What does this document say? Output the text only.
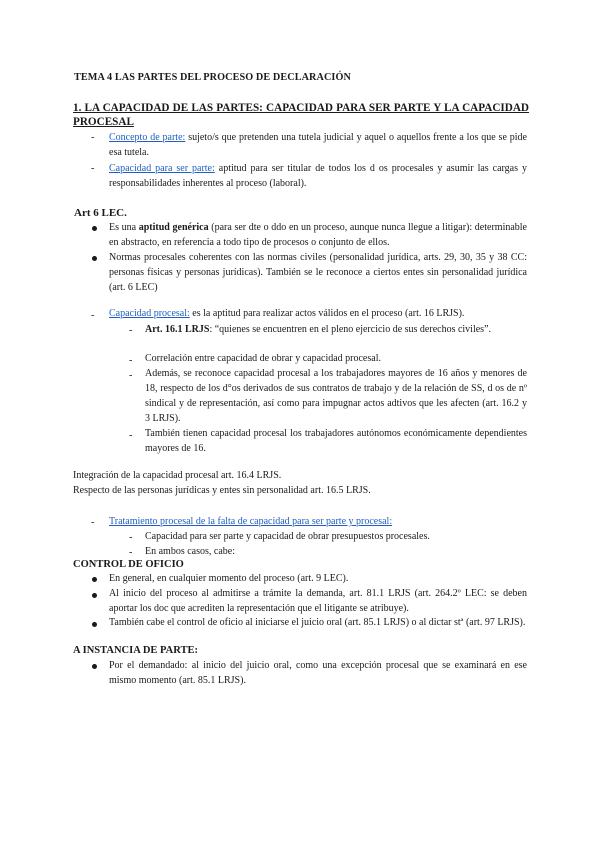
TEMA 4 LAS PARTES DEL PROCESO DE DECLARACIÓN
1. LA CAPACIDAD DE LAS PARTES: CAPACIDAD PARA SER PARTE Y LA CAPACIDAD PROCESAL
- Concepto de parte: sujeto/s que pretenden una tutela judicial y aquel o aquellos frente a los que se pide esa tutela.
- Capacidad para ser parte: aptitud para ser titular de todos los d os procesales y asumir las cargas y responsabilidades inherentes al proceso (laboral).
Art 6 LEC.
Es una aptitud genérica (para ser dte o ddo en un proceso, aunque nunca llegue a litigar): determinable en abstracto, en referencia a todo tipo de procesos o conjunto de ellos.
Normas procesales coherentes con las normas civiles (personalidad jurídica, arts. 29, 30, 35 y 38 CC: personas físicas y personas jurídicas). También se le reconoce a ciertos entes sin personalidad jurídica (art. 6 LEC)
- Capacidad procesal: es la aptitud para realizar actos válidos en el proceso (art. 16 LRJS).
- Art. 16.1 LRJS: “quienes se encuentren en el pleno ejercicio de sus derechos civiles”.
- Correlación entre capacidad de obrar y capacidad procesal.
- Además, se reconoce capacidad procesal a los trabajadores mayores de 16 años y menores de 18, respecto de los d°os derivados de sus contratos de trabajo y de la relación de SS, d os de nº sindical y de representación, así como para impugnar actos adtivos que les afecten (art. 16.2 y 3 LRJS).
- También tienen capacidad procesal los trabajadores autónomos económicamente dependientes mayores de 16.
Integración de la capacidad procesal art. 16.4 LRJS.
Respecto de las personas jurídicas y entes sin personalidad art. 16.5 LRJS.
- Tratamiento procesal de la falta de capacidad para ser parte y procesal:
- Capacidad para ser parte y capacidad de obrar presupuestos procesales.
- En ambos casos, cabe:
CONTROL DE OFICIO
En general, en cualquier momento del proceso (art. 9 LEC).
Al inicio del proceso al admitirse a trámite la demanda, art. 81.1 LRJS (art. 264.2º LEC: se deben aportar los doc que acrediten la representación que el litigante se atribuye).
También cabe el control de oficio al iniciarse el juicio oral (art. 85.1 LRJS) o al dictar stª (art. 97 LRJS).
A INSTANCIA DE PARTE:
Por el demandado: al inicio del juicio oral, como una excepción procesal que se examinará en ese mismo momento (art. 85.1 LRJS).
